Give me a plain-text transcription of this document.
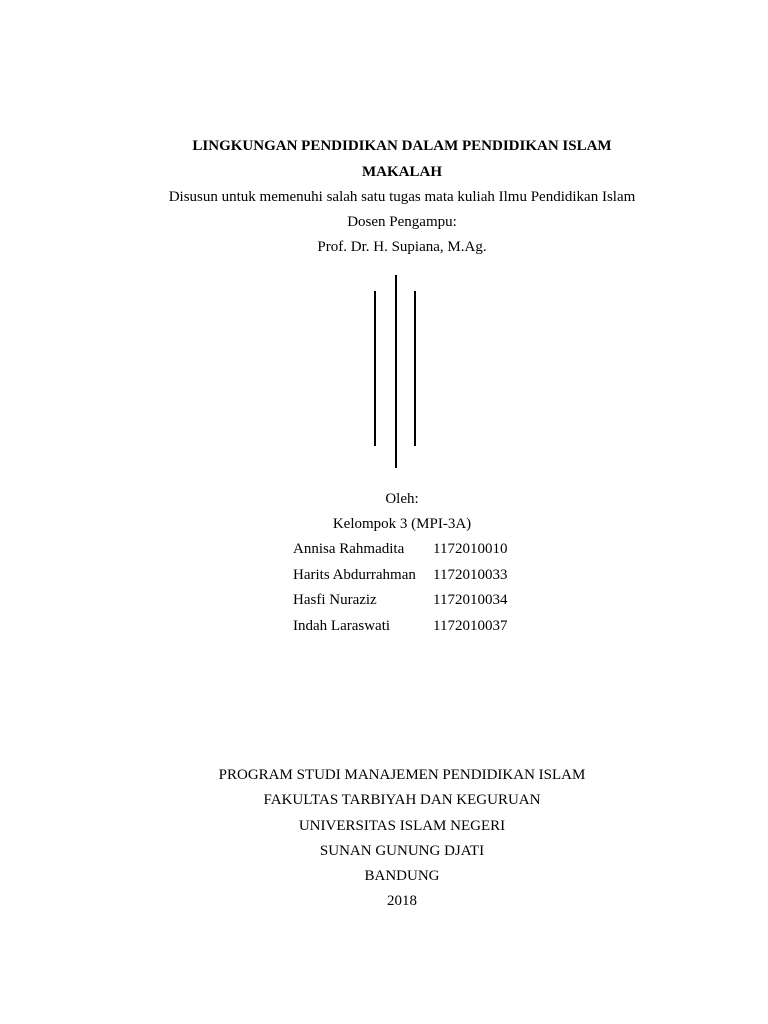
LINGKUNGAN PENDIDIKAN DALAM PENDIDIKAN ISLAM
MAKALAH
Disusun untuk memenuhi salah satu tugas mata kuliah Ilmu Pendidikan Islam
Dosen Pengampu:
Prof. Dr. H. Supiana, M.Ag.
Oleh:
Kelompok 3 (MPI-3A)
Annisa Rahmadita 1172010010
Harits Abdurrahman 1172010033
Hasfi Nuraziz	1172010034
Indah Laraswati	1172010037
PROGRAM STUDI MANAJEMEN PENDIDIKAN ISLAM
FAKULTAS TARBIYAH DAN KEGURUAN
UNIVERSITAS ISLAM NEGERI
SUNAN GUNUNG DJATI
BANDUNG
2018
